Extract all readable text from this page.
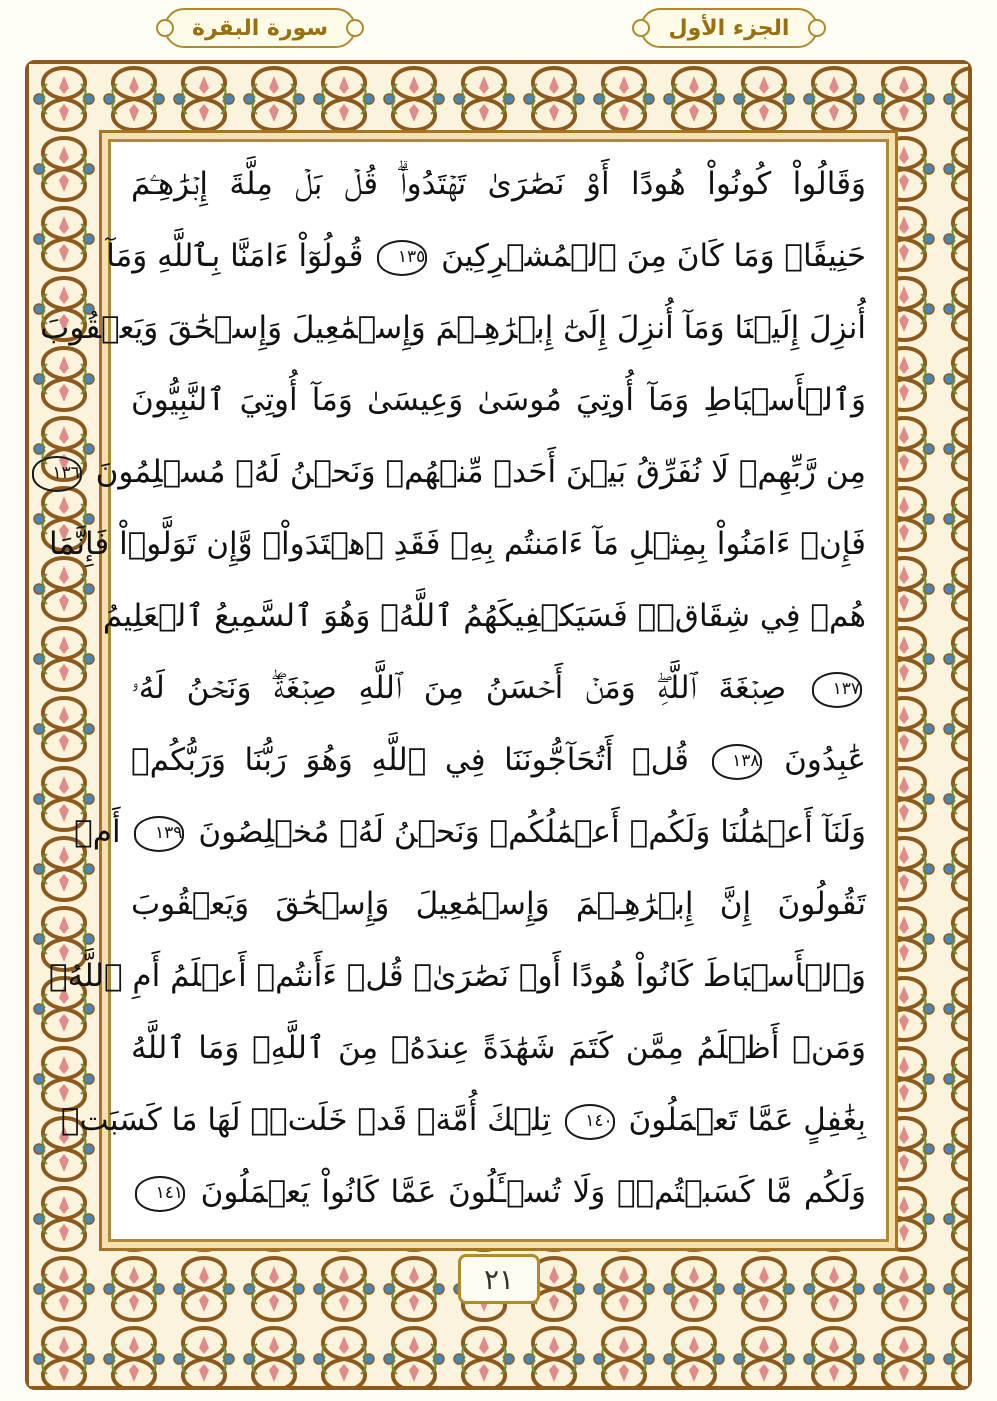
سورة البقرة	الجزء الأول
وَقَالُواْ كُونُواْ هُودًا أَوْ نَصَٰرَىٰ تَهۡتَدُواْۗ قُلۡ بَلۡ مِلَّةَ إِبۡرَٰهِـۧمَ
حَنِيفًاۖ وَمَا كَانَ مِنَ ٱلۡمُشۡرِكِينَ ١٣٥ قُولُوٓاْ ءَامَنَّا بِٱللَّهِ وَمَآ
أُنزِلَ إِلَيۡنَا وَمَآ أُنزِلَ إِلَىٰٓ إِبۡرَٰهِـۧمَ وَإِسۡمَٰعِيلَ وَإِسۡحَٰقَ وَيَعۡقُوبَ
وَٱلۡأَسۡبَاطِ وَمَآ أُوتِيَ مُوسَىٰ وَعِيسَىٰ وَمَآ أُوتِيَ ٱلنَّبِيُّونَ
مِن رَّبِّهِمۡ لَا نُفَرِّقُ بَيۡنَ أَحَدٖ مِّنۡهُمۡ وَنَحۡنُ لَهُۥ مُسۡلِمُونَ ١٣٦
فَإِنۡ ءَامَنُواْ بِمِثۡلِ مَآ ءَامَنتُم بِهِۦ فَقَدِ ٱهۡتَدَواْۖ وَّإِن تَوَلَّوۡاْ فَإِنَّمَا
هُمۡ فِي شِقَاقٖۖ فَسَيَكۡفِيكَهُمُ ٱللَّهُۚ وَهُوَ ٱلسَّمِيعُ ٱلۡعَلِيمُ
١٣٧ صِبۡغَةَ ٱللَّهِۖ وَمَنۡ أَحۡسَنُ مِنَ ٱللَّهِ صِبۡغَةٗۖ وَنَحۡنُ لَهُۥ
عَٰبِدُونَ ١٣٨ قُلۡ أَتُحَآجُّونَنَا فِي ٱللَّهِ وَهُوَ رَبُّنَا وَرَبُّكُمۡ
وَلَنَآ أَعۡمَٰلُنَا وَلَكُمۡ أَعۡمَٰلُكُمۡ وَنَحۡنُ لَهُۥ مُخۡلِصُونَ ١٣٩ أَمۡ
تَقُولُونَ إِنَّ إِبۡرَٰهِـۧمَ وَإِسۡمَٰعِيلَ وَإِسۡحَٰقَ وَيَعۡقُوبَ
وَٱلۡأَسۡبَاطَ كَانُواْ هُودًا أَوۡ نَصَٰرَىٰۗ قُلۡ ءَأَنتُمۡ أَعۡلَمُ أَمِ ٱللَّهُۗ
وَمَنۡ أَظۡلَمُ مِمَّن كَتَمَ شَهَٰدَةً عِندَهُۥ مِنَ ٱللَّهِۗ وَمَا ٱللَّهُ
بِغَٰفِلٍ عَمَّا تَعۡمَلُونَ ١٤٠ تِلۡكَ أُمَّةٞ قَدۡ خَلَتۡۖ لَهَا مَا كَسَبَتۡ
وَلَكُم مَّا كَسَبۡتُمۡۖ وَلَا تُسۡـَٔلُونَ عَمَّا كَانُواْ يَعۡمَلُونَ ١٤١
٢١
